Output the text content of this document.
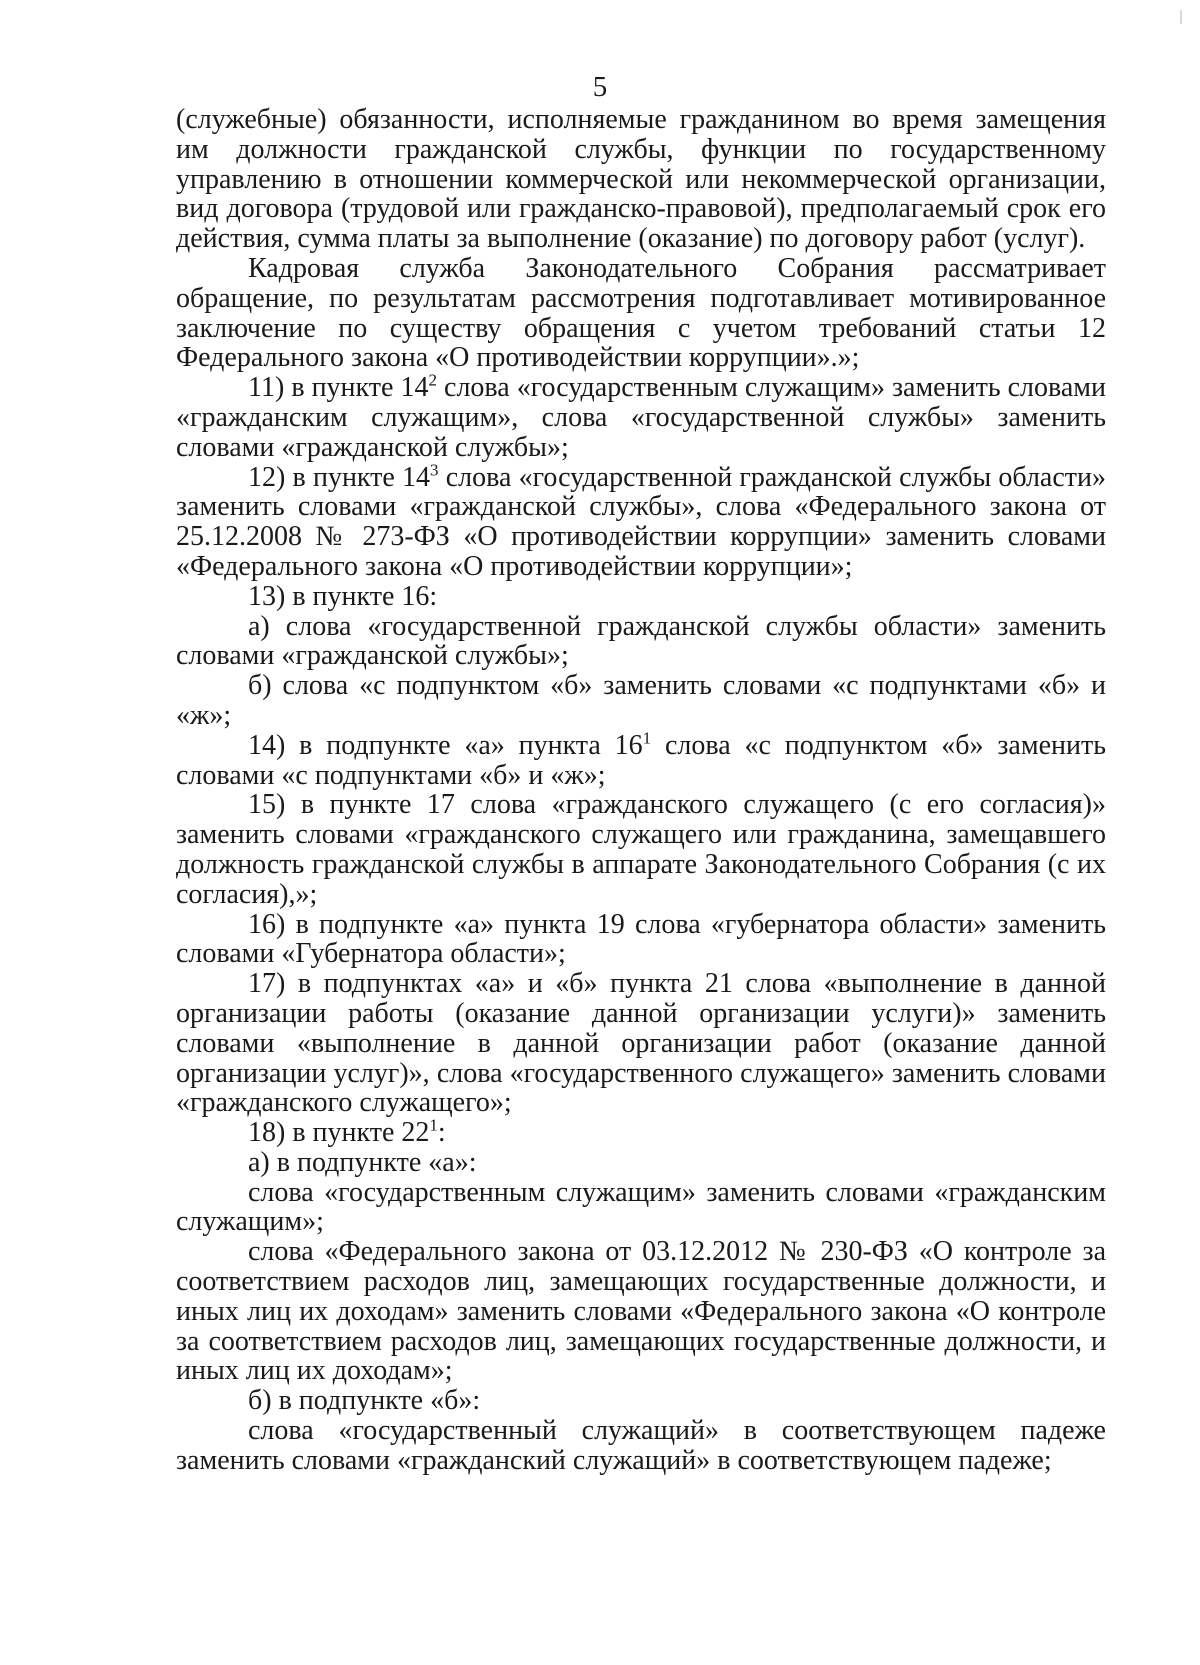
5

(служебные) обязанности, исполняемые гражданином во время замещения им должности гражданской службы, функции по государственному управлению в отношении коммерческой или некоммерческой организации, вид договора (трудовой или гражданско-правовой), предполагаемый срок его действия, сумма платы за выполнение (оказание) по договору работ (услуг).

Кадровая служба Законодательного Собрания рассматривает обращение, по результатам рассмотрения подготавливает мотивированное заключение по существу обращения с учетом требований статьи 12 Федерального закона «О противодействии коррупции».»;

11) в пункте $14^2$ слова «государственным служащим» заменить словами «гражданским служащим», слова «государственной службы» заменить словами «гражданской службы»;

12) в пункте $14^3$ слова «государственной гражданской службы области» заменить словами «гражданской службы», слова «Федерального закона от 25.12.2008 № 273-ФЗ «О противодействии коррупции» заменить словами «Федерального закона «О противодействии коррупции»;

13) в пункте 16:

а) слова «государственной гражданской службы области» заменить словами «гражданской службы»;

б) слова «с подпунктом «б» заменить словами «с подпунктами «б» и «ж»;

14) в подпункте «а» пункта $16^1$ слова «с подпунктом «б» заменить словами «с подпунктами «б» и «ж»;

15) в пункте 17 слова «гражданского служащего (с его согласия)» заменить словами «гражданского служащего или гражданина, замещавшего должность гражданской службы в аппарате Законодательного Собрания (с их согласия),»;

16) в подпункте «а» пункта 19 слова «губернатора области» заменить словами «Губернатора области»;

17) в подпунктах «а» и «б» пункта 21 слова «выполнение в данной организации работы (оказание данной организации услуги)» заменить словами «выполнение в данной организации работ (оказание данной организации услуг)», слова «государственного служащего» заменить словами «гражданского служащего»;

18) в пункте $22^1$:

а) в подпункте «а»:

слова «государственным служащим» заменить словами «гражданским служащим»;

слова «Федерального закона от 03.12.2012 № 230-ФЗ «О контроле за соответствием расходов лиц, замещающих государственные должности, и иных лиц их доходам» заменить словами «Федерального закона «О контроле за соответствием расходов лиц, замещающих государственные должности, и иных лиц их доходам»;

б) в подпункте «б»:

слова «государственный служащий» в соответствующем падеже заменить словами «гражданский служащий» в соответствующем падеже;
